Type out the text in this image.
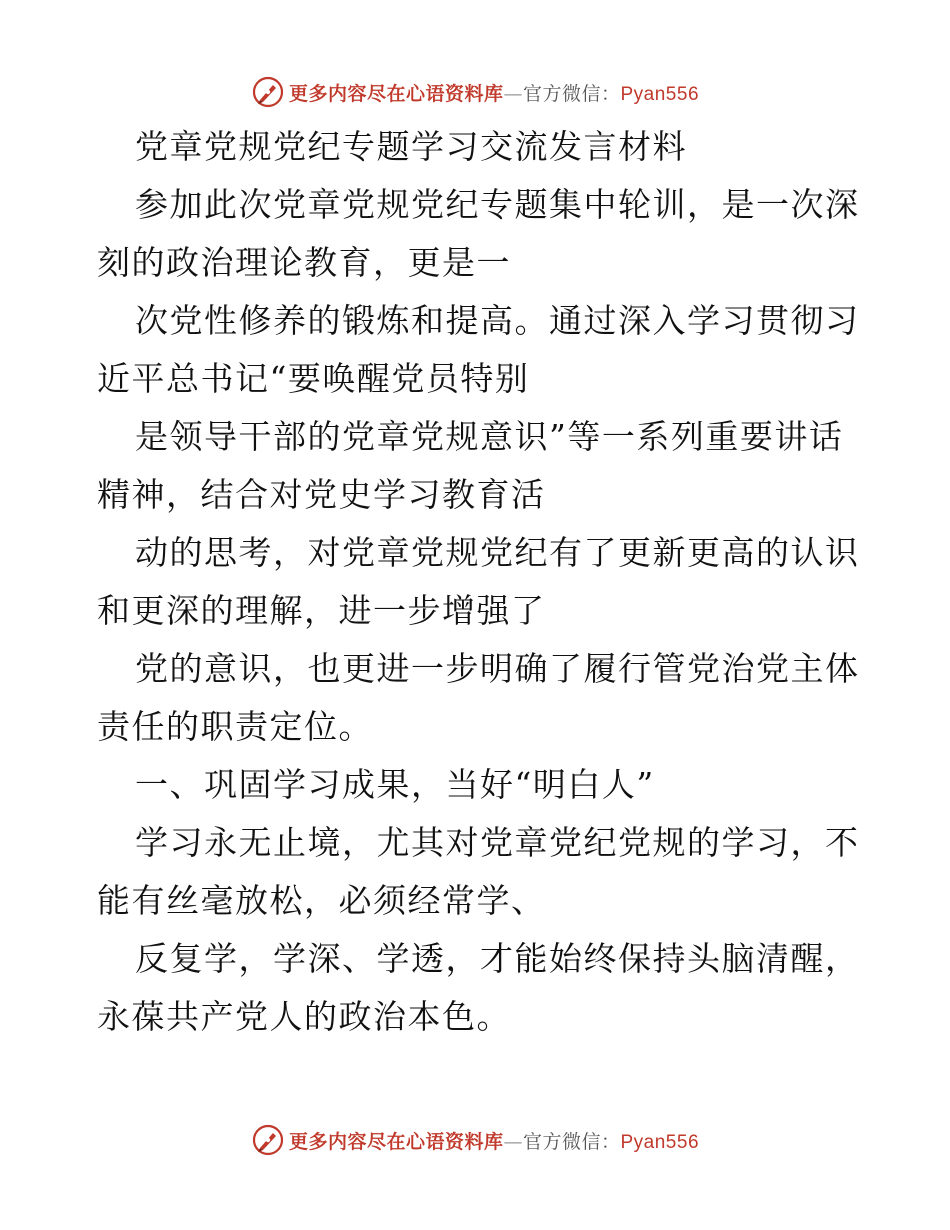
更多内容尽在心语资料库—官方微信：Pyan556
党章党规党纪专题学习交流发言材料
参加此次党章党规党纪专题集中轮训，是一次深
刻的政治理论教育，更是一
次党性修养的锻炼和提高。通过深入学习贯彻习
近平总书记“要唤醒党员特别
是领导干部的党章党规意识”等一系列重要讲话
精神，结合对党史学习教育活
动的思考，对党章党规党纪有了更新更高的认识
和更深的理解，进一步增强了
党的意识，也更进一步明确了履行管党治党主体
责任的职责定位。
一、巩固学习成果，当好“明白人”
学习永无止境，尤其对党章党纪党规的学习，不
能有丝毫放松，必须经常学、
反复学，学深、学透，才能始终保持头脑清醒，
永葆共产党人的政治本色。
更多内容尽在心语资料库—官方微信：Pyan556
